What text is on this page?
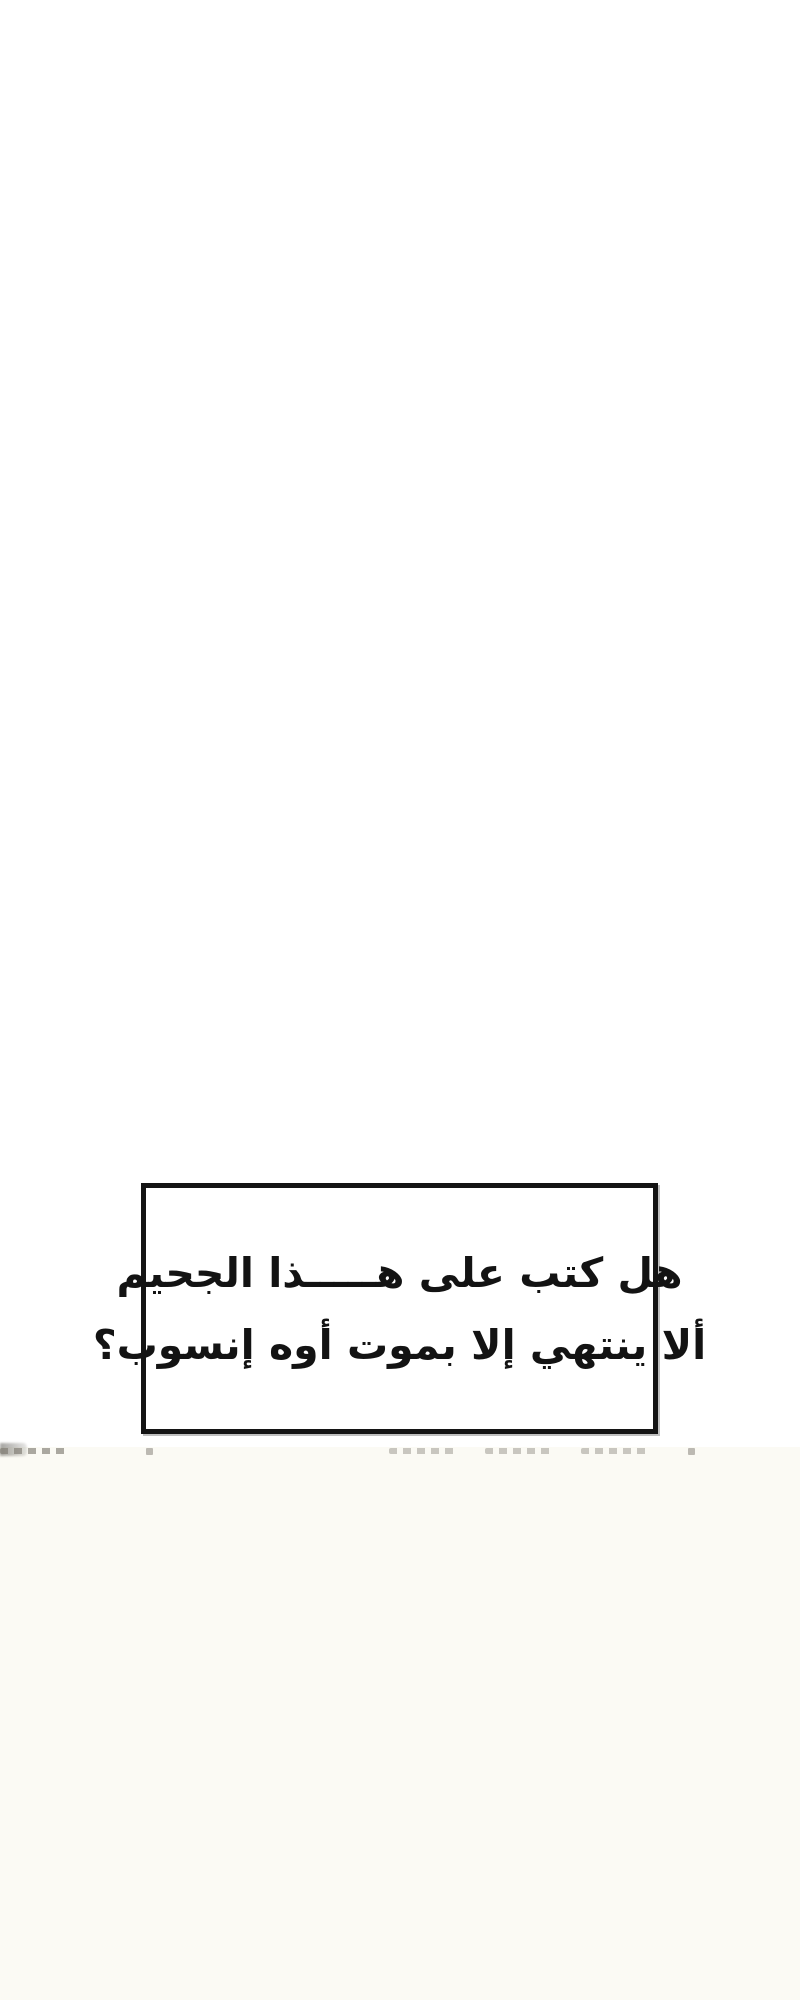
هل كتب على هـــــذا الجحيم

ألا ينتهي إلا بموت أوه إنسوب؟
